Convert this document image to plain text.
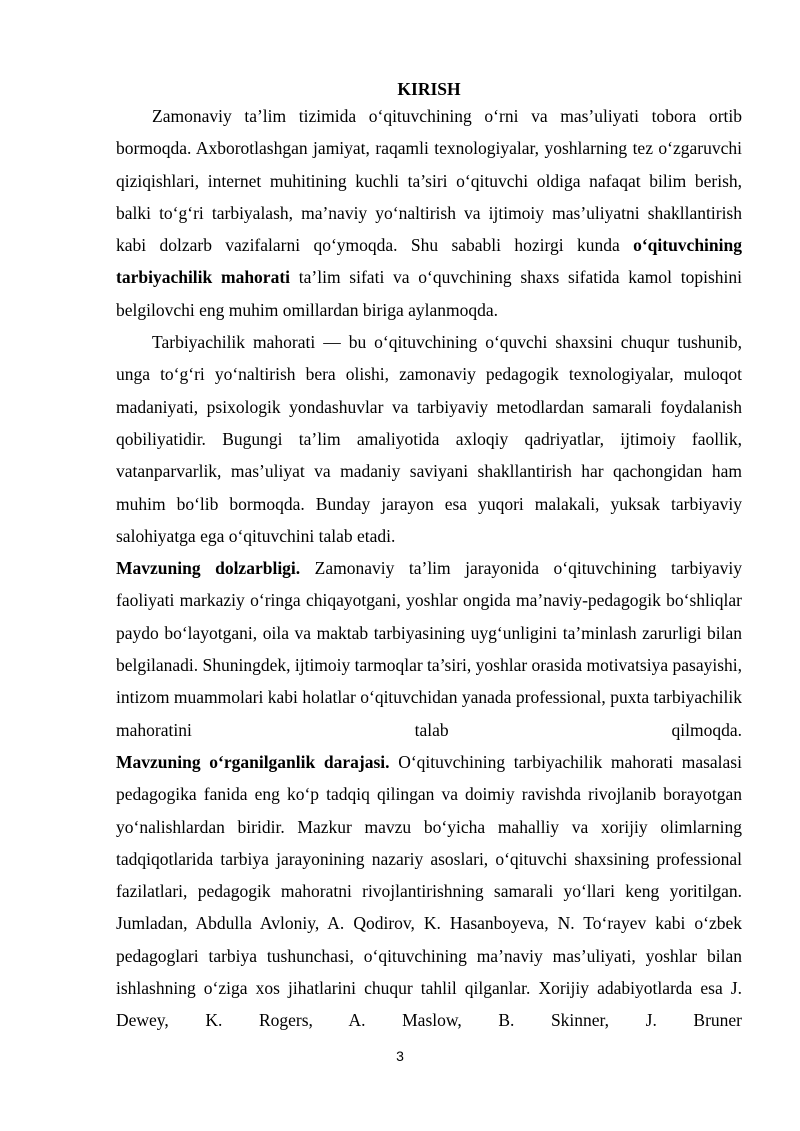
KIRISH

Zamonaviy ta’lim tizimida o‘qituvchining o‘rni va mas’uliyati tobora ortib bormoqda. Axborotlashgan jamiyat, raqamli texnologiyalar, yoshlarning tez o‘zgaruvchi qiziqishlari, internet muhitining kuchli ta’siri o‘qituvchi oldiga nafaqat bilim berish, balki to‘g‘ri tarbiyalash, ma’naviy yo‘naltirish va ijtimoiy mas’uliyatni shakllantirish kabi dolzarb vazifalarni qo‘ymoqda. Shu sababli hozirgi kunda o‘qituvchining tarbiyachilik mahorati ta’lim sifati va o‘quvchining shaxs sifatida kamol topishini belgilovchi eng muhim omillardan biriga aylanmoqda.

Tarbiyachilik mahorati — bu o‘qituvchining o‘quvchi shaxsini chuqur tushunib, unga to‘g‘ri yo‘naltirish bera olishi, zamonaviy pedagogik texnologiyalar, muloqot madaniyati, psixologik yondashuvlar va tarbiyaviy metodlardan samarali foydalanish qobiliyatidir. Bugungi ta’lim amaliyotida axloqiy qadriyatlar, ijtimoiy faollik, vatanparvarlik, mas’uliyat va madaniy saviyani shakllantirish har qachongidan ham muhim bo‘lib bormoqda. Bunday jarayon esa yuqori malakali, yuksak tarbiyaviy salohiyatga ega o‘qituvchini talab etadi.

Mavzuning dolzarbligi. Zamonaviy ta’lim jarayonida o‘qituvchining tarbiyaviy faoliyati markaziy o‘ringa chiqayotgani, yoshlar ongida ma’naviy-pedagogik bo‘shliqlar paydo bo‘layotgani, oila va maktab tarbiyasining uyg‘unligini ta’minlash zarurligi bilan belgilanadi. Shuningdek, ijtimoiy tarmoqlar ta’siri, yoshlar orasida motivatsiya pasayishi, intizom muammolari kabi holatlar o‘qituvchidan yanada professional, puxta tarbiyachilik mahoratini talab qilmoqda.

Mavzuning o‘rganilganlik darajasi. O‘qituvchining tarbiyachilik mahorati masalasi pedagogika fanida eng ko‘p tadqiq qilingan va doimiy ravishda rivojlanib borayotgan yo‘nalishlardan biridir. Mazkur mavzu bo‘yicha mahalliy va xorijiy olimlarning tadqiqotlarida tarbiya jarayonining nazariy asoslari, o‘qituvchi shaxsining professional fazilatlari, pedagogik mahoratni rivojlantirishning samarali yo‘llari keng yoritilgan. Jumladan, Abdulla Avloniy, A. Qodirov, K. Hasanboyeva, N. To‘rayev kabi o‘zbek pedagoglari tarbiya tushunchasi, o‘qituvchining ma’naviy mas’uliyati, yoshlar bilan ishlashning o‘ziga xos jihatlarini chuqur tahlil qilganlar. Xorijiy adabiyotlarda esa J. Dewey, K. Rogers, A. Maslow, B. Skinner, J. Bruner

3
